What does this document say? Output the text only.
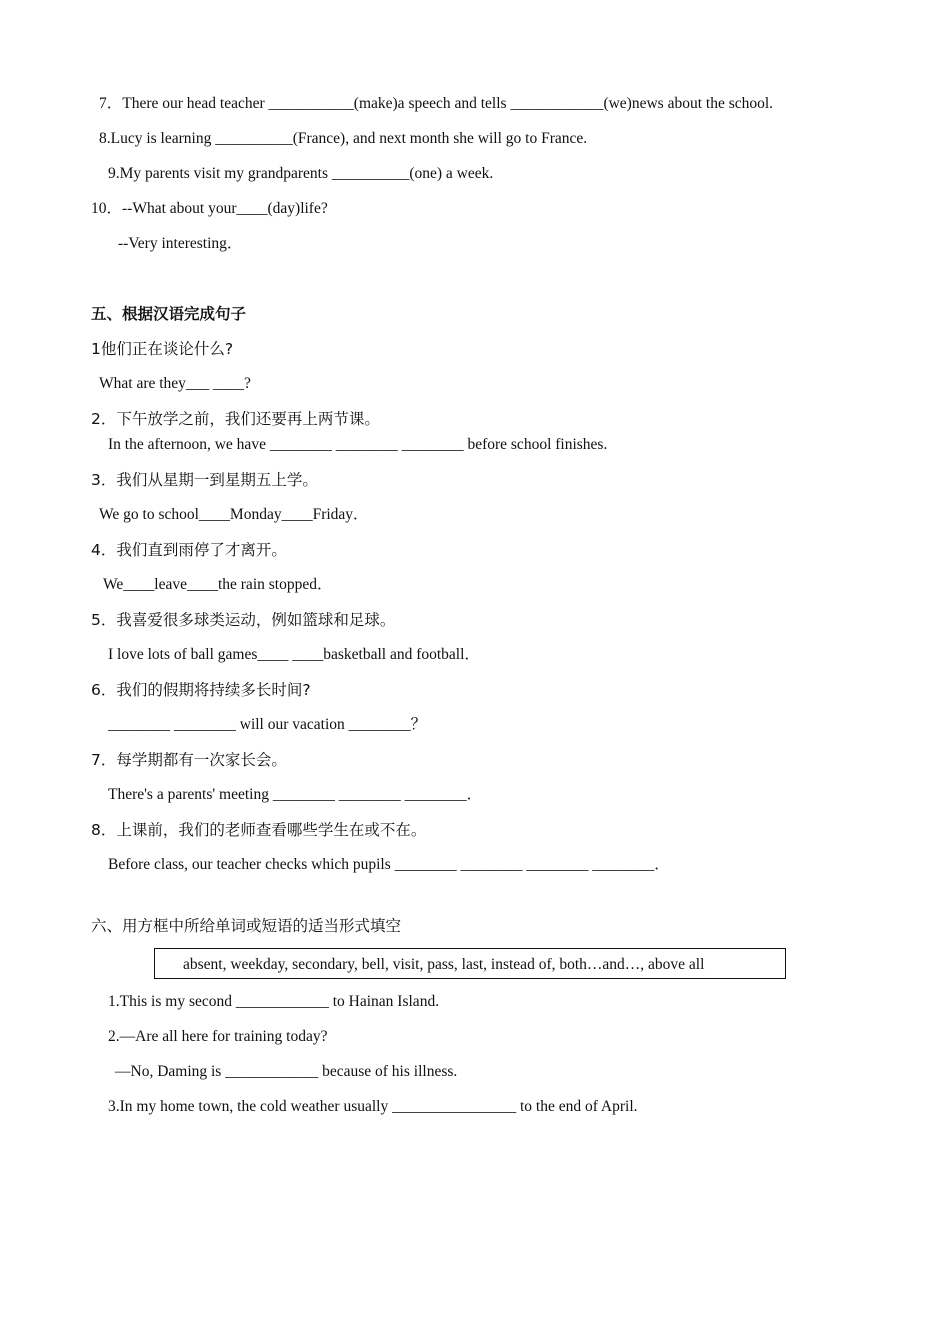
7．There our head teacher ___________(make)a speech and tells ____________(we)news about the school.
8.Lucy is learning __________(France), and next month she will go to France.
9.My parents visit my grandparents __________(one) a week.
10．--What about your____(day)life?
--Very interesting．
五、根据汉语完成句子
1他们正在谈论什么?
What are they___ ____?
2．下午放学之前，我们还要再上两节课。
In the afternoon, we have ________ ________ ________ before school finishes.
3．我们从星期一到星期五上学。
We go to school____Monday____Friday．
4．我们直到雨停了才离开。
We____leave____the rain stopped．
5．我喜爱很多球类运动，例如篮球和足球。
I love lots of ball games____ ____basketball and football．
6．我们的假期将持续多长时间?
________ ________ will our vacation ________？
7．每学期都有一次家长会。
There's a parents' meeting ________ ________ ________．
8．上课前，我们的老师查看哪些学生在或不在。
Before class, our teacher checks which pupils ________ ________ ________ ________．
六、用方框中所给单词或短语的适当形式填空
absent, weekday, secondary, bell, visit, pass, last, instead of, both…and…, above all
1.This is my second ____________ to Hainan Island.
2.—Are all here for training today?
—No, Daming is ____________ because of his illness.
3.In my home town, the cold weather usually ________________ to the end of April.
